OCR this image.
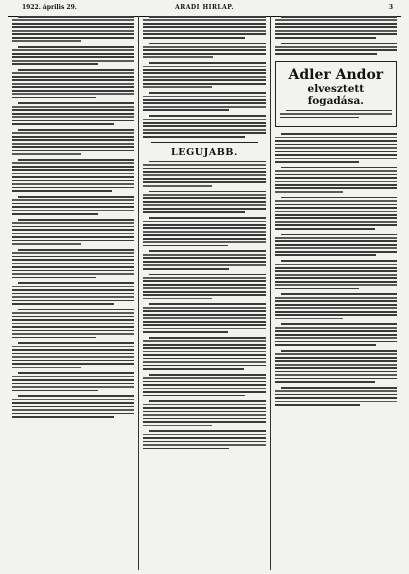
1922. április 29.	ARADI HIRLAP.	3
LEGUJABB.
Adler Andor
elvesztett fogadása.
